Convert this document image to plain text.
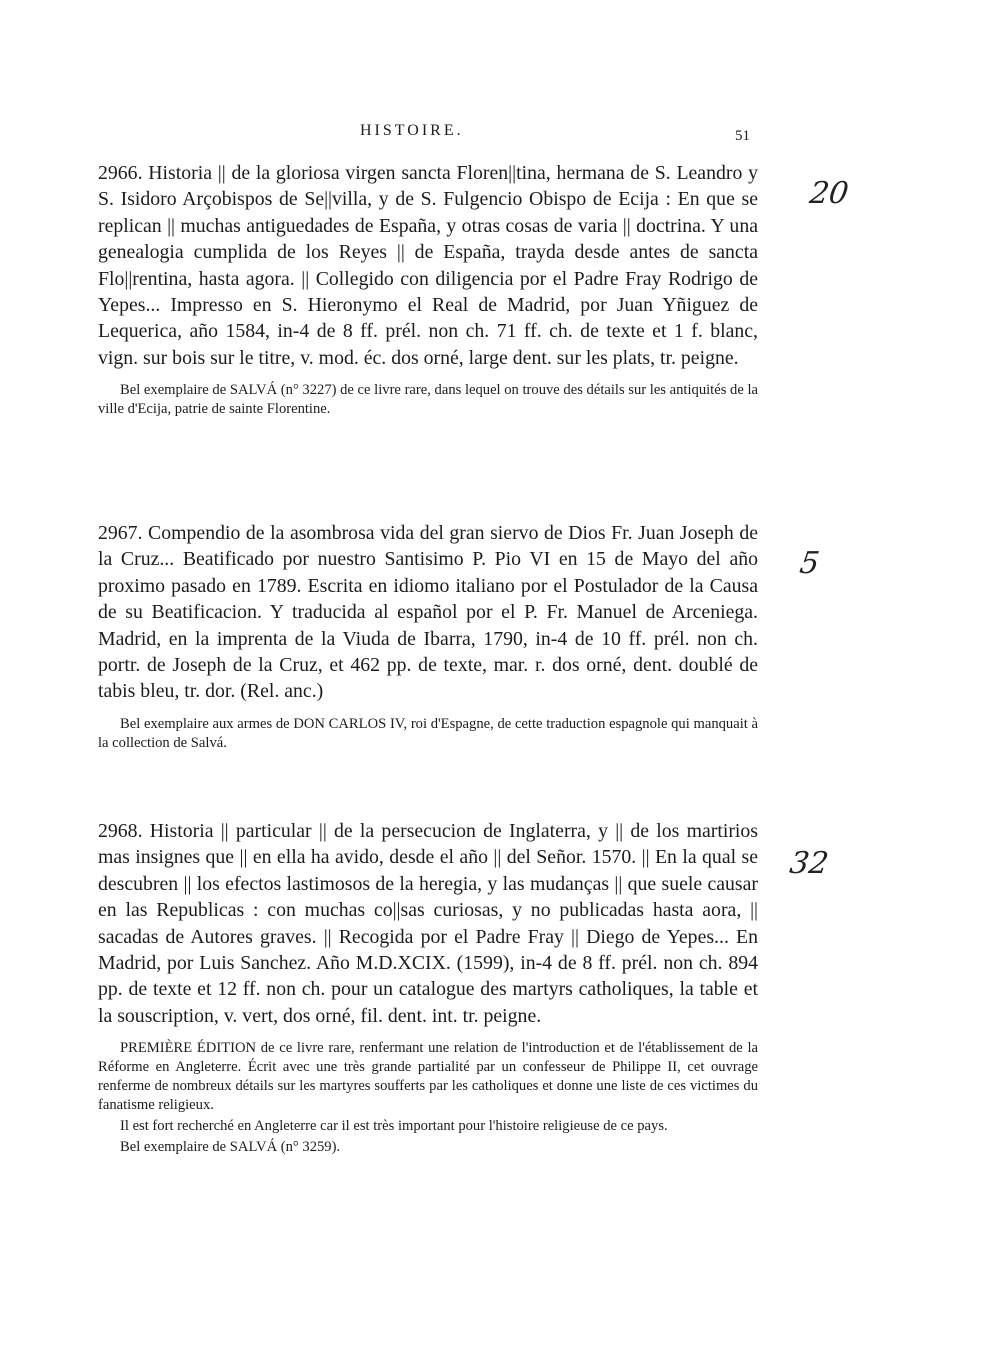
HISTOIRE.	51

2966. Historia || de la gloriosa virgen sancta Floren||tina, hermana de S. Leandro y S. Isidoro Arçobispos de Se||villa, y de S. Fulgencio Obispo de Ecija : En que se replican || muchas antiguedades de España, y otras cosas de varia || doctrina. Y una genealogia cumplida de los Reyes || de España, trayda desde antes de sancta Flo||rentina, hasta agora. || Collegido con diligencia por el Padre Fray Rodrigo de Yepes... Impresso en S. Hieronymo el Real de Madrid, por Juan Yñiguez de Lequerica, año 1584, in-4 de 8 ff. prél. non ch. 71 ff. ch. de texte et 1 f. blanc, vign. sur bois sur le titre, v. mod. éc. dos orné, large dent. sur les plats, tr. peigne.

Bel exemplaire de SALVÁ (n° 3227) de ce livre rare, dans lequel on trouve des détails sur les antiquités de la ville d'Ecija, patrie de sainte Florentine.

20

2967. Compendio de la asombrosa vida del gran siervo de Dios Fr. Juan Joseph de la Cruz... Beatificado por nuestro Santisimo P. Pio VI en 15 de Mayo del año proximo pasado en 1789. Escrita en idiomo italiano por el Postulador de la Causa de su Beatificacion. Y traducida al español por el P. Fr. Manuel de Arceniega. Madrid, en la imprenta de la Viuda de Ibarra, 1790, in-4 de 10 ff. prél. non ch. portr. de Joseph de la Cruz, et 462 pp. de texte, mar. r. dos orné, dent. doublé de tabis bleu, tr. dor. (Rel. anc.)

Bel exemplaire aux armes de DON CARLOS IV, roi d'Espagne, de cette traduction espagnole qui manquait à la collection de Salvá.

5

2968. Historia || particular || de la persecucion de Inglaterra, y || de los martirios mas insignes que || en ella ha avido, desde el año || del Señor. 1570. || En la qual se descubren || los efectos lastimosos de la heregia, y las mudanças || que suele causar en las Republicas : con muchas co||sas curiosas, y no publicadas hasta aora, || sacadas de Autores graves. || Recogida por el Padre Fray || Diego de Yepes... En Madrid, por Luis Sanchez. Año M.D.XCIX. (1599), in-4 de 8 ff. prél. non ch. 894 pp. de texte et 12 ff. non ch. pour un catalogue des martyrs catholiques, la table et la souscription, v. vert, dos orné, fil. dent. int. tr. peigne.

PREMIÈRE ÉDITION de ce livre rare, renfermant une relation de l'introduction et de l'établissement de la Réforme en Angleterre. Écrit avec une très grande partialité par un confesseur de Philippe II, cet ouvrage renferme de nombreux détails sur les martyres soufferts par les catholiques et donne une liste de ces victimes du fanatisme religieux.

Il est fort recherché en Angleterre car il est très important pour l'histoire religieuse de ce pays.

Bel exemplaire de SALVÁ (n° 3259).

32
